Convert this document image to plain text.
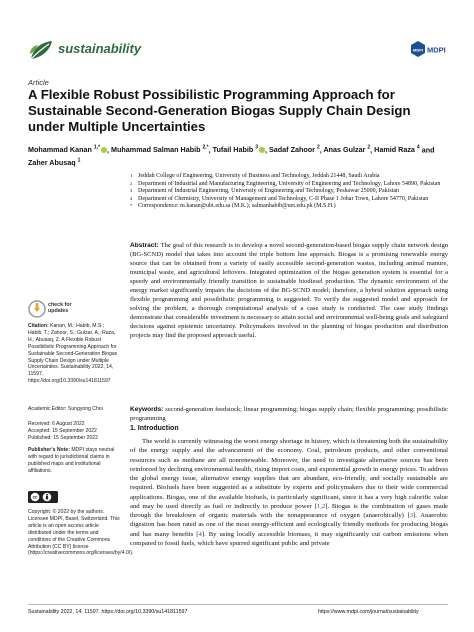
sustainability	MDPI MDPI
Article
A Flexible Robust Possibilistic Programming Approach for Sustainable Second-Generation Biogas Supply Chain Design under Multiple Uncertainties
Mohammad Kanan $^{1,*}$ , Muhammad Salman Habib $^{2,*}$, Tufail Habib $^3$ , Sadaf Zahoor $^2$, Anas Gulzar $^2$, Hamid Raza $^4$ and Zaher Abusaq $^1$
1 Jeddah College of Engineering, University of Business and Technology, Jeddah 21448, Saudi Arabia
2 Department of Industrial and Manufacturing Engineering, University of Engineering and Technology, Lahore 54890, Pakistan
3 Department of Industrial Engineering, University of Engineering and Technology, Peshawar 25000, Pakistan
4 Department of Chemistry, University of Management and Technology, C-II Phase 1 Johar Town, Lahore 54770, Pakistan
* Correspondence: m.kanan@ubt.edu.sa (M.K.); salmanhabib@uet.edu.pk (M.S.H.)
check for
updates
Citation: Kanan, M.; Habib, M.S.; Habib, T.; Zahoor, S.; Gulzar, A.; Raza, H.; Abusaq, Z. A Flexible Robust Possibilistic Programming Approach for Sustainable Second-Generation Biogas Supply Chain Design under Multiple Uncertainties. Sustainability 2022, 14, 11597. https://doi.org/10.3390/su141811597
Academic Editor: Sungyong Choi
Received: 6 August 2022
Accepted: 15 September 2022
Published: 15 September 2022
Publisher’s Note: MDPI stays neutral with regard to jurisdictional claims in published maps and institutional affiliations.
cc
Copyright: © 2022 by the authors. Licensee MDPI, Basel, Switzerland. This article is an open access article distributed under the terms and conditions of the Creative Commons Attribution (CC BY) license (https://creativecommons.org/licenses/by/4.0/).
Abstract: The goal of this research is to develop a novel second-generation-based biogas supply chain network design (BG-SCND) model that takes into account the triple bottom line approach. Biogas is a promising renewable energy source that can be obtained from a variety of easily accessible second-generation wastes, including animal manure, municipal waste, and agricultural leftovers. Integrated optimization of the biogas generation system is essential for a speedy and environmentally friendly transition to sustainable biodiesel production. The dynamic environment of the energy market significantly impairs the decisions of the BG-SCND model; therefore, a hybrid solution approach using flexible programming and possibilistic programming is suggested. To verify the suggested model and approach for solving the problem, a thorough computational analysis of a case study is conducted. The case study findings demonstrate that considerable investment is necessary to attain social and environmental well-being goals and safeguard decisions against epistemic uncertainty. Policymakers involved in the planning of biogas production and distribution projects may find the proposed approach useful.
Keywords: second-generation feedstock; linear programming; biogas supply chain; flexible programming; possibilistic programming
1. Introduction
The world is currently witnessing the worst energy shortage in history, which is threatening both the sustainability of the energy supply and the advancement of the economy. Coal, petroleum products, and other conventional resources such as methane are all nonrenewable. Moreover, the need to investigate alternative sources has been reinforced by declining environmental health, rising import costs, and exponential growth in energy prices. To address the global energy issue, alternative energy supplies that are abundant, eco-friendly, and socially sustainable are required. Biofuels have been suggested as a substitute by experts and policymakers due to their wide commercial applications. Biogas, one of the available biofuels, is particularly significant, since it has a very high calorific value and may be used directly as fuel or indirectly to produce power [1,2]. Biogas is the combination of gases made through the breakdown of organic materials with the nonappearance of oxygen (anaerobically) [3]. Anaerobic digestion has been rated as one of the most energy-efficient and ecologically friendly methods for producing biogas and has many benefits [4]. By using locally accessible biomass, it may significantly cut carbon emissions when compared to fossil fuels, which have spurred significant public and private
Sustainability 2022, 14, 11597. https://doi.org/10.3390/su141811597	https://www.mdpi.com/journal/sustainability
